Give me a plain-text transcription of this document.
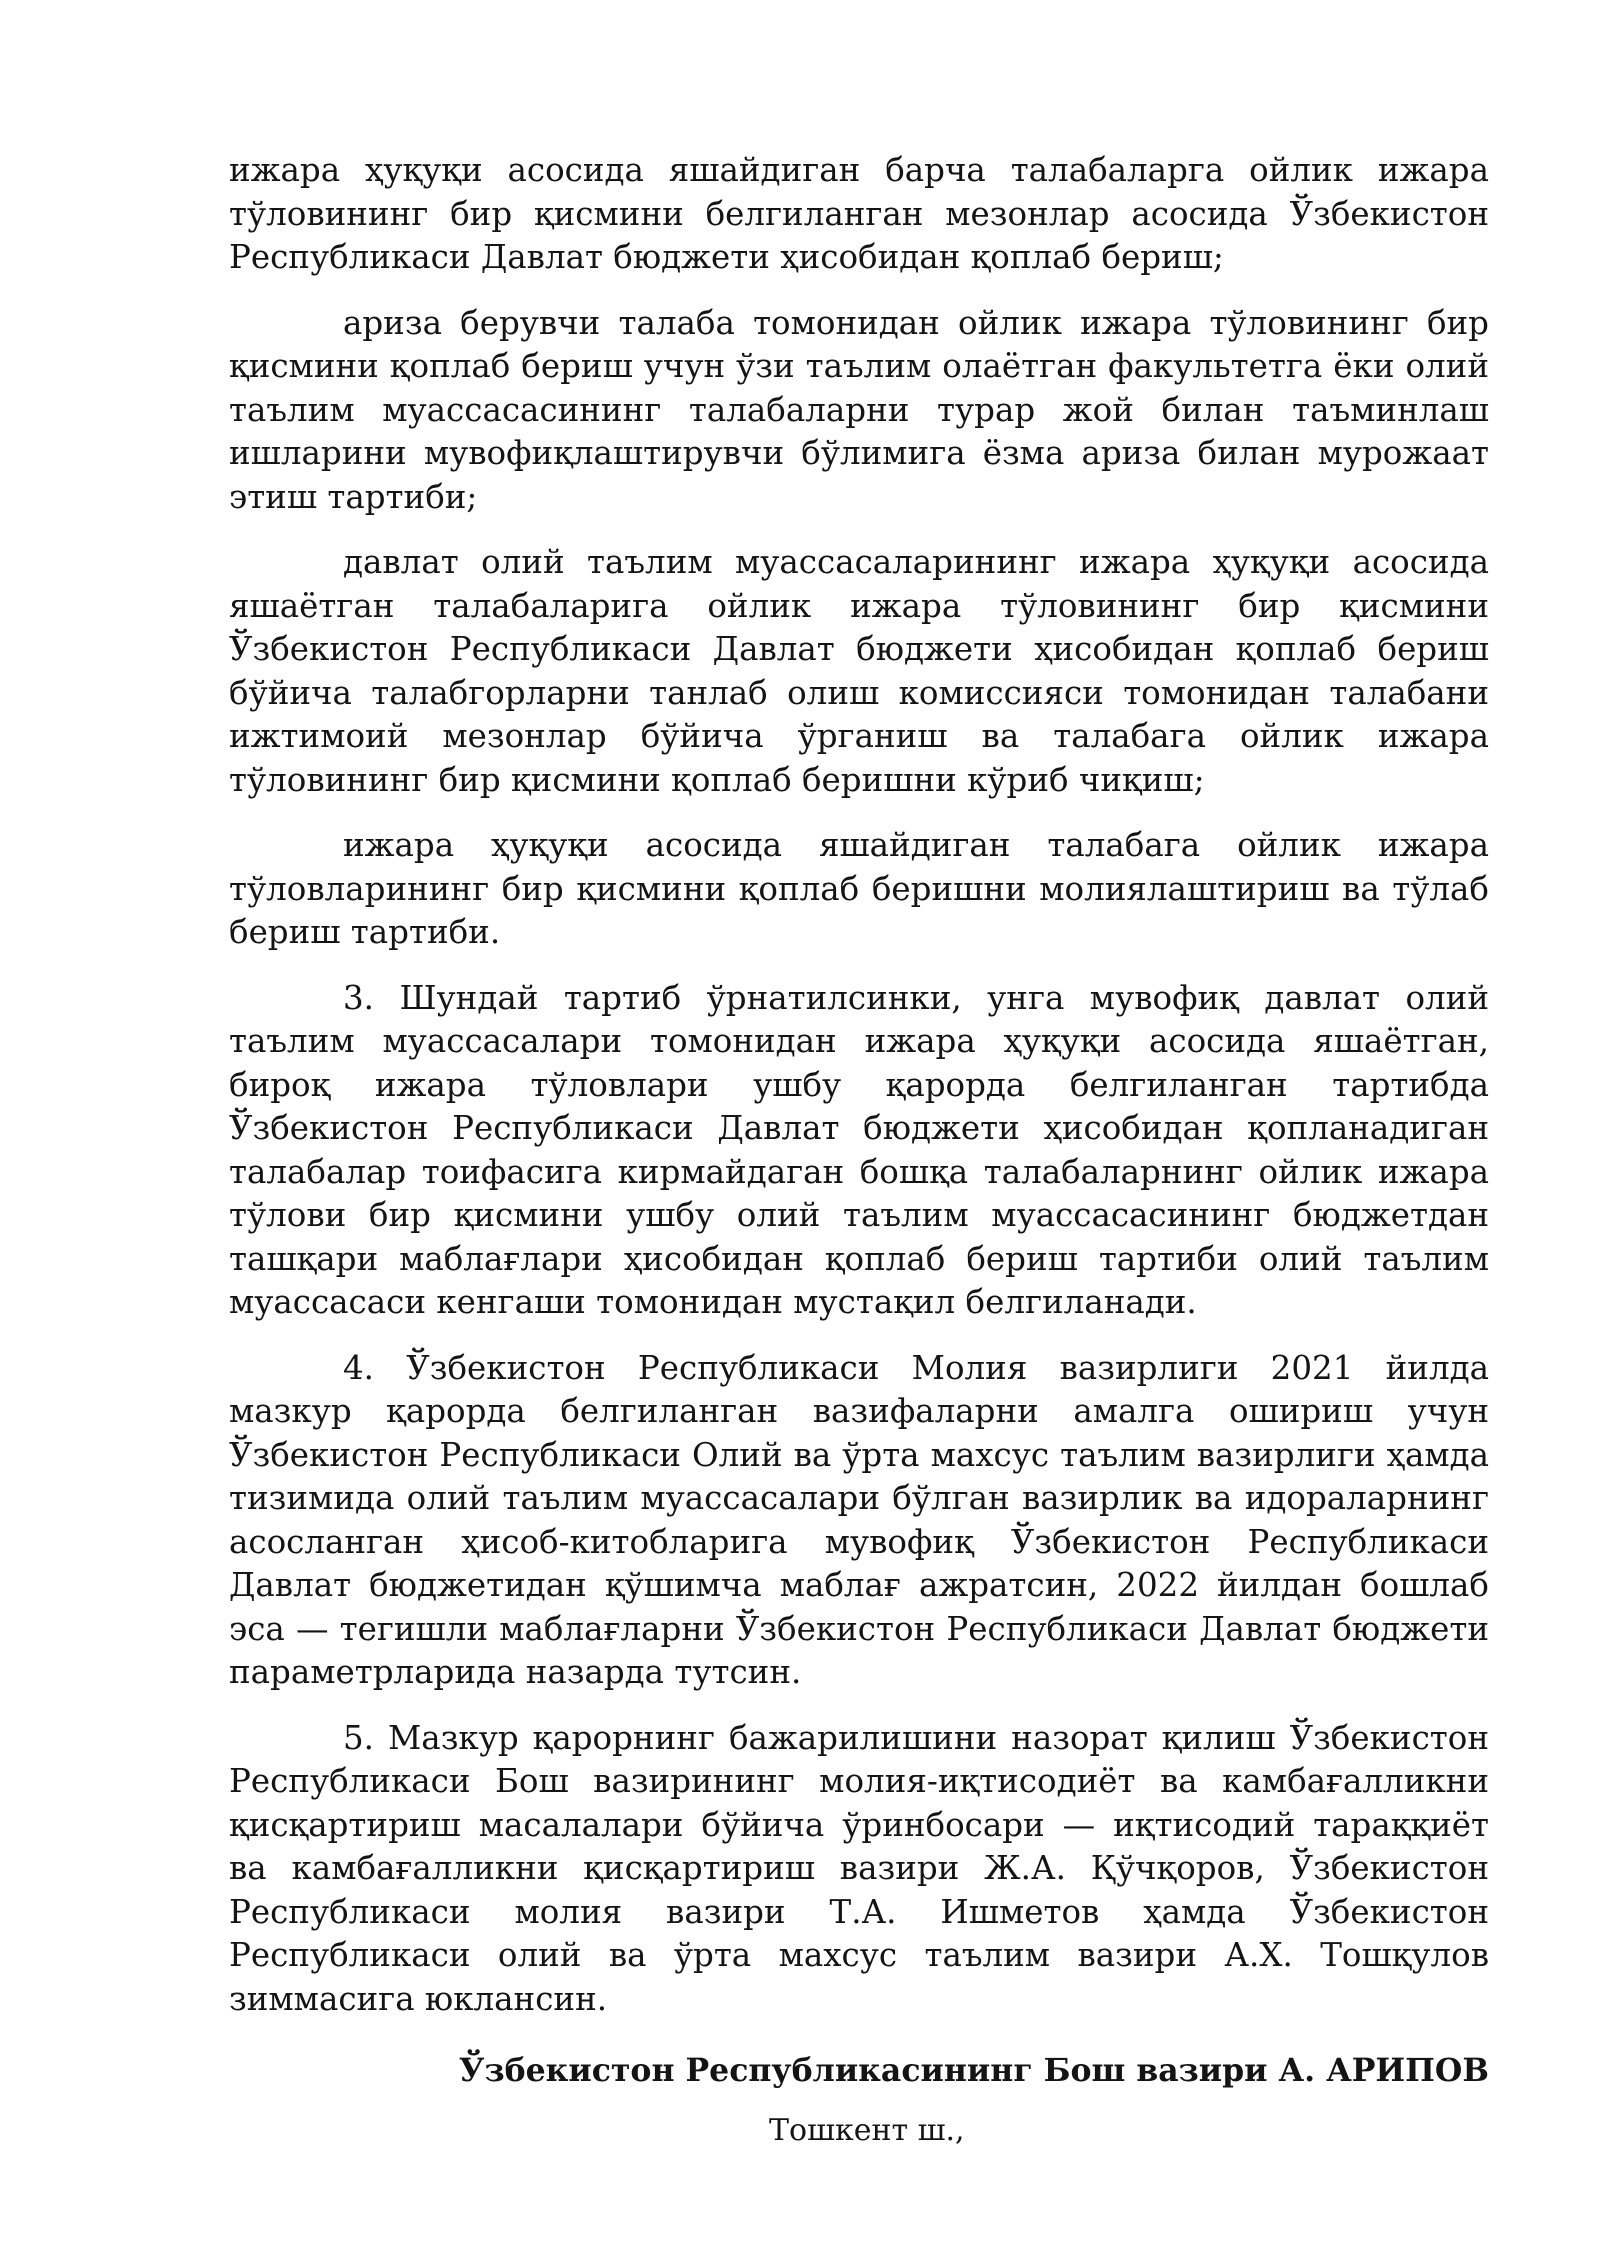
ижара ҳуқуқи асосида яшайдиган барча талабаларга ойлик ижара тўловининг бир қисмини белгиланган мезонлар асосида Ўзбекистон Республикаси Давлат бюджети ҳисобидан қоплаб бериш;

ариза берувчи талаба томонидан ойлик ижара тўловининг бир қисмини қоплаб бериш учун ўзи таълим олаётган факультетга ёки олий таълим муассасасининг талабаларни турар жой билан таъминлаш ишларини мувофиқлаштирувчи бўлимига ёзма ариза билан мурожаат этиш тартиби;

давлат олий таълим муассасаларининг ижара ҳуқуқи асосида яшаётган талабаларига ойлик ижара тўловининг бир қисмини Ўзбекистон Республикаси Давлат бюджети ҳисобидан қоплаб бериш бўйича талабгорларни танлаб олиш комиссияси томонидан талабани ижтимоий мезонлар бўйича ўрганиш ва талабага ойлик ижара тўловининг бир қисмини қоплаб беришни кўриб чиқиш;

ижара ҳуқуқи асосида яшайдиган талабага ойлик ижара тўловларининг бир қисмини қоплаб беришни молиялаштириш ва тўлаб бериш тартиби.

3. Шундай тартиб ўрнатилсинки, унга мувофиқ давлат олий таълим муассасалари томонидан ижара ҳуқуқи асосида яшаётган, бироқ ижара тўловлари ушбу қарорда белгиланган тартибда Ўзбекистон Республикаси Давлат бюджети ҳисобидан қопланадиган талабалар тоифасига кирмайдаган бошқа талабаларнинг ойлик ижара тўлови бир қисмини ушбу олий таълим муассасасининг бюджетдан ташқари маблағлари ҳисобидан қоплаб бериш тартиби олий таълим муассасаси кенгаши томонидан мустақил белгиланади.

4. Ўзбекистон Республикаси Молия вазирлиги 2021 йилда мазкур қарорда белгиланган вазифаларни амалга ошириш учун Ўзбекистон Республикаси Олий ва ўрта махсус таълим вазирлиги ҳамда тизимида олий таълим муассасалари бўлган вазирлик ва идораларнинг асосланган ҳисоб-китобларига мувофиқ Ўзбекистон Республикаси Давлат бюджетидан қўшимча маблағ ажратсин, 2022 йилдан бошлаб эса — тегишли маблағларни Ўзбекистон Республикаси Давлат бюджети параметрларида назарда тутсин.

5. Мазкур қарорнинг бажарилишини назорат қилиш Ўзбекистон Республикаси Бош вазирининг молия-иқтисодиёт ва камбағалликни қисқартириш масалалари бўйича ўринбосари — иқтисодий тараққиёт ва камбағалликни қисқартириш вазири Ж.А. Қўчқоров, Ўзбекистон Республикаси молия вазири Т.А. Ишметов ҳамда Ўзбекистон Республикаси олий ва ўрта махсус таълим вазири А.Х. Тошқулов зиммасига юклансин.

Ўзбекистон Республикасининг Бош вазири А. АРИПОВ
Тошкент ш.,
